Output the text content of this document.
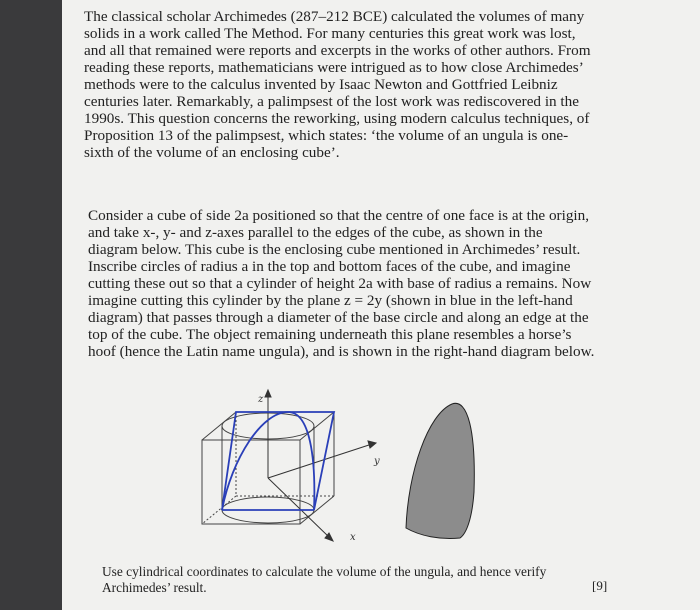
The classical scholar Archimedes (287–212 BCE) calculated the volumes of many solids in a work called The Method. For many centuries this great work was lost, and all that remained were reports and excerpts in the works of other authors. From reading these reports, mathematicians were intrigued as to how close Archimedes’ methods were to the calculus invented by Isaac Newton and Gottfried Leibniz centuries later. Remarkably, a palimpsest of the lost work was rediscovered in the 1990s. This question concerns the reworking, using modern calculus techniques, of Proposition 13 of the palimpsest, which states: ‘the volume of an ungula is one-sixth of the volume of an enclosing cube’.

Consider a cube of side 2a positioned so that the centre of one face is at the origin, and take x-, y- and z-axes parallel to the edges of the cube, as shown in the diagram below. This cube is the enclosing cube mentioned in Archimedes’ result. Inscribe circles of radius a in the top and bottom faces of the cube, and imagine cutting these out so that a cylinder of height 2a with base of radius a remains. Now imagine cutting this cylinder by the plane z = 2y (shown in blue in the left-hand diagram) that passes through a diameter of the base circle and along an edge at the top of the cube. The object remaining underneath this plane resembles a horse’s hoof (hence the Latin name ungula), and is shown in the right-hand diagram below.

z
y
x

Use cylindrical coordinates to calculate the volume of the ungula, and hence verify Archimedes’ result.	[9]
